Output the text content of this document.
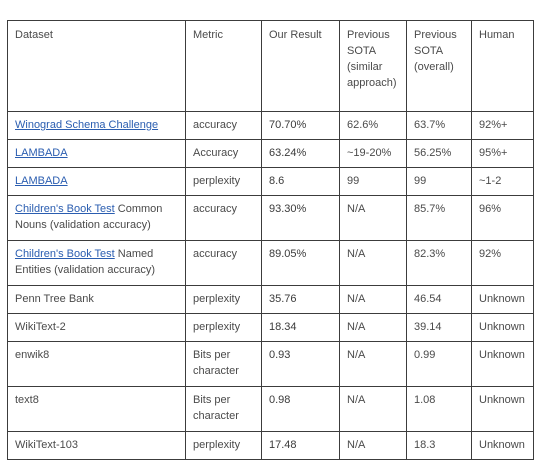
Dataset	Metric	Our Result	Previous SOTA (similar approach)	Previous SOTA (overall)	Human
Winograd Schema Challenge	accuracy	70.70%	62.6%	63.7%	92%+
LAMBADA	Accuracy	63.24%	~19-20%	56.25%	95%+
LAMBADA	perplexity	8.6	99	99	~1-2
Children's Book Test Common Nouns (validation accuracy)	accuracy	93.30%	N/A	85.7%	96%
Children's Book Test Named Entities (validation accuracy)	accuracy	89.05%	N/A	82.3%	92%
Penn Tree Bank	perplexity	35.76	N/A	46.54	Unknown
WikiText-2	perplexity	18.34	N/A	39.14	Unknown
enwik8	Bits per character	0.93	N/A	0.99	Unknown
text8	Bits per character	0.98	N/A	1.08	Unknown
WikiText-103	perplexity	17.48	N/A	18.3	Unknown
